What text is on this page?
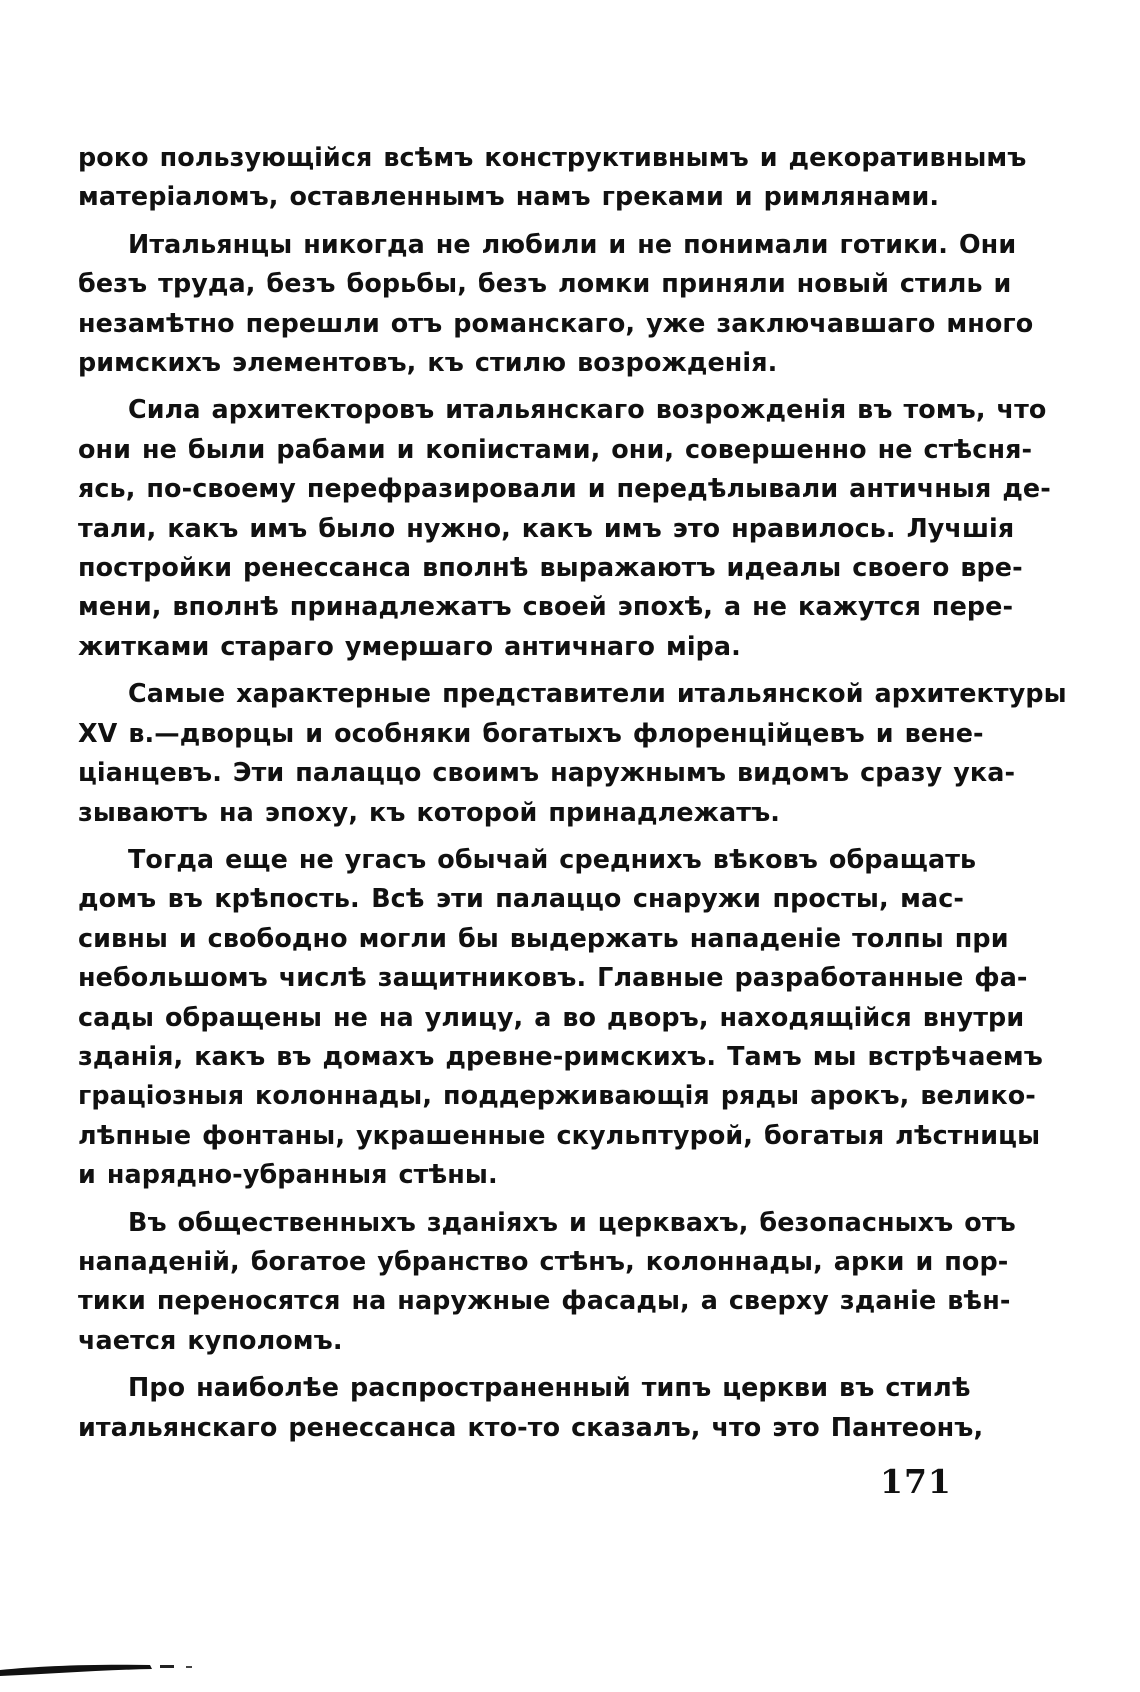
роко пользующійся всѣмъ конструктивнымъ и декоративнымъ
матеріаломъ, оставленнымъ намъ греками и римлянами.
Итальянцы никогда не любили и не понимали готики. Они
безъ труда, безъ борьбы, безъ ломки приняли новый стиль и
незамѣтно перешли отъ романскаго, уже заключавшаго много
римскихъ элементовъ, къ стилю возрожденія.
Сила архитекторовъ итальянскаго возрожденія въ томъ, что
они не были рабами и копіистами, они, совершенно не стѣсня-
ясь, по-своему перефразировали и передѣлывали античныя де-
тали, какъ имъ было нужно, какъ имъ это нравилось. Лучшія
постройки ренессанса вполнѣ выражаютъ идеалы своего вре-
мени, вполнѣ принадлежатъ своей эпохѣ, а не кажутся пере-
житками стараго умершаго античнаго міра.
Самые характерные представители итальянской архитектуры
XV в.—дворцы и особняки богатыхъ флоренційцевъ и вене-
ціанцевъ. Эти палаццо своимъ наружнымъ видомъ сразу ука-
зываютъ на эпоху, къ которой принадлежатъ.
Тогда еще не угасъ обычай среднихъ вѣковъ обращать
домъ въ крѣпость. Всѣ эти палаццо снаружи просты, мас-
сивны и свободно могли бы выдержать нападеніе толпы при
небольшомъ числѣ защитниковъ. Главные разработанные фа-
сады обращены не на улицу, а во дворъ, находящійся внутри
зданія, какъ въ домахъ древне-римскихъ. Тамъ мы встрѣчаемъ
граціозныя колоннады, поддерживающія ряды арокъ, велико-
лѣпные фонтаны, украшенные скульптурой, богатыя лѣстницы
и нарядно-убранныя стѣны.
Въ общественныхъ зданіяхъ и церквахъ, безопасныхъ отъ
нападеній, богатое убранство стѣнъ, колоннады, арки и пор-
тики переносятся на наружные фасады, а сверху зданіе вѣн-
чается куполомъ.
Про наиболѣе распространенный типъ церкви въ стилѣ
итальянскаго ренессанса кто-то сказалъ, что это Пантеонъ,
171
